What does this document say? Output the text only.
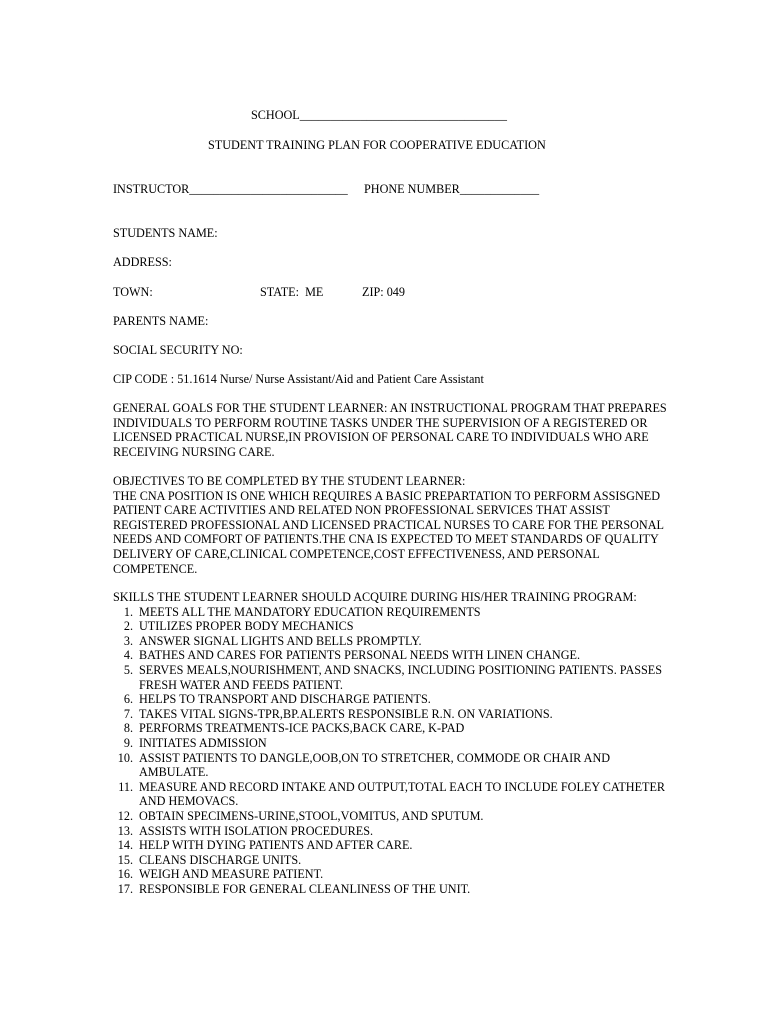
SCHOOL__________________________________
STUDENT TRAINING PLAN FOR COOPERATIVE EDUCATION
INSTRUCTOR__________________________ PHONE NUMBER_____________
STUDENTS NAME:
ADDRESS:
TOWN:	STATE:  ME	ZIP: 049
PARENTS NAME:
SOCIAL SECURITY NO:
CIP CODE : 51.1614 Nurse/ Nurse Assistant/Aid and Patient Care Assistant
GENERAL GOALS FOR THE STUDENT LEARNER: AN INSTRUCTIONAL PROGRAM THAT PREPARES INDIVIDUALS TO PERFORM ROUTINE TASKS UNDER THE SUPERVISION OF A REGISTERED OR LICENSED PRACTICAL NURSE,IN PROVISION OF PERSONAL CARE TO INDIVIDUALS WHO ARE RECEIVING NURSING CARE.
OBJECTIVES TO BE COMPLETED BY THE STUDENT LEARNER:
THE CNA POSITION IS ONE WHICH REQUIRES A BASIC PREPARTATION TO PERFORM ASSISGNED PATIENT CARE ACTIVITIES AND RELATED NON PROFESSIONAL SERVICES THAT ASSIST REGISTERED PROFESSIONAL AND LICENSED PRACTICAL NURSES TO CARE FOR THE PERSONAL NEEDS AND COMFORT OF PATIENTS.THE CNA IS EXPECTED TO MEET STANDARDS OF QUALITY DELIVERY OF CARE,CLINICAL COMPETENCE,COST EFFECTIVENESS, AND PERSONAL COMPETENCE.
SKILLS THE STUDENT LEARNER SHOULD ACQUIRE DURING HIS/HER TRAINING PROGRAM:
1. MEETS ALL THE MANDATORY EDUCATION REQUIREMENTS
2. UTILIZES PROPER BODY MECHANICS
3. ANSWER SIGNAL LIGHTS AND BELLS PROMPTLY.
4. BATHES AND CARES FOR PATIENTS PERSONAL NEEDS WITH LINEN CHANGE.
5. SERVES MEALS,NOURISHMENT, AND SNACKS, INCLUDING POSITIONING PATIENTS. PASSES FRESH WATER AND FEEDS PATIENT.
6. HELPS TO TRANSPORT AND DISCHARGE PATIENTS.
7. TAKES VITAL SIGNS-TPR,BP.ALERTS RESPONSIBLE R.N. ON VARIATIONS.
8. PERFORMS TREATMENTS-ICE PACKS,BACK CARE, K-PAD
9. INITIATES ADMISSION
10. ASSIST PATIENTS TO DANGLE,OOB,ON TO STRETCHER, COMMODE OR CHAIR AND AMBULATE.
11. MEASURE AND RECORD INTAKE AND OUTPUT,TOTAL EACH TO INCLUDE FOLEY CATHETER AND HEMOVACS.
12. OBTAIN SPECIMENS-URINE,STOOL,VOMITUS, AND SPUTUM.
13. ASSISTS WITH ISOLATION PROCEDURES.
14. HELP WITH DYING PATIENTS AND AFTER CARE.
15. CLEANS DISCHARGE UNITS.
16. WEIGH AND MEASURE PATIENT.
17. RESPONSIBLE FOR GENERAL CLEANLINESS OF THE UNIT.
